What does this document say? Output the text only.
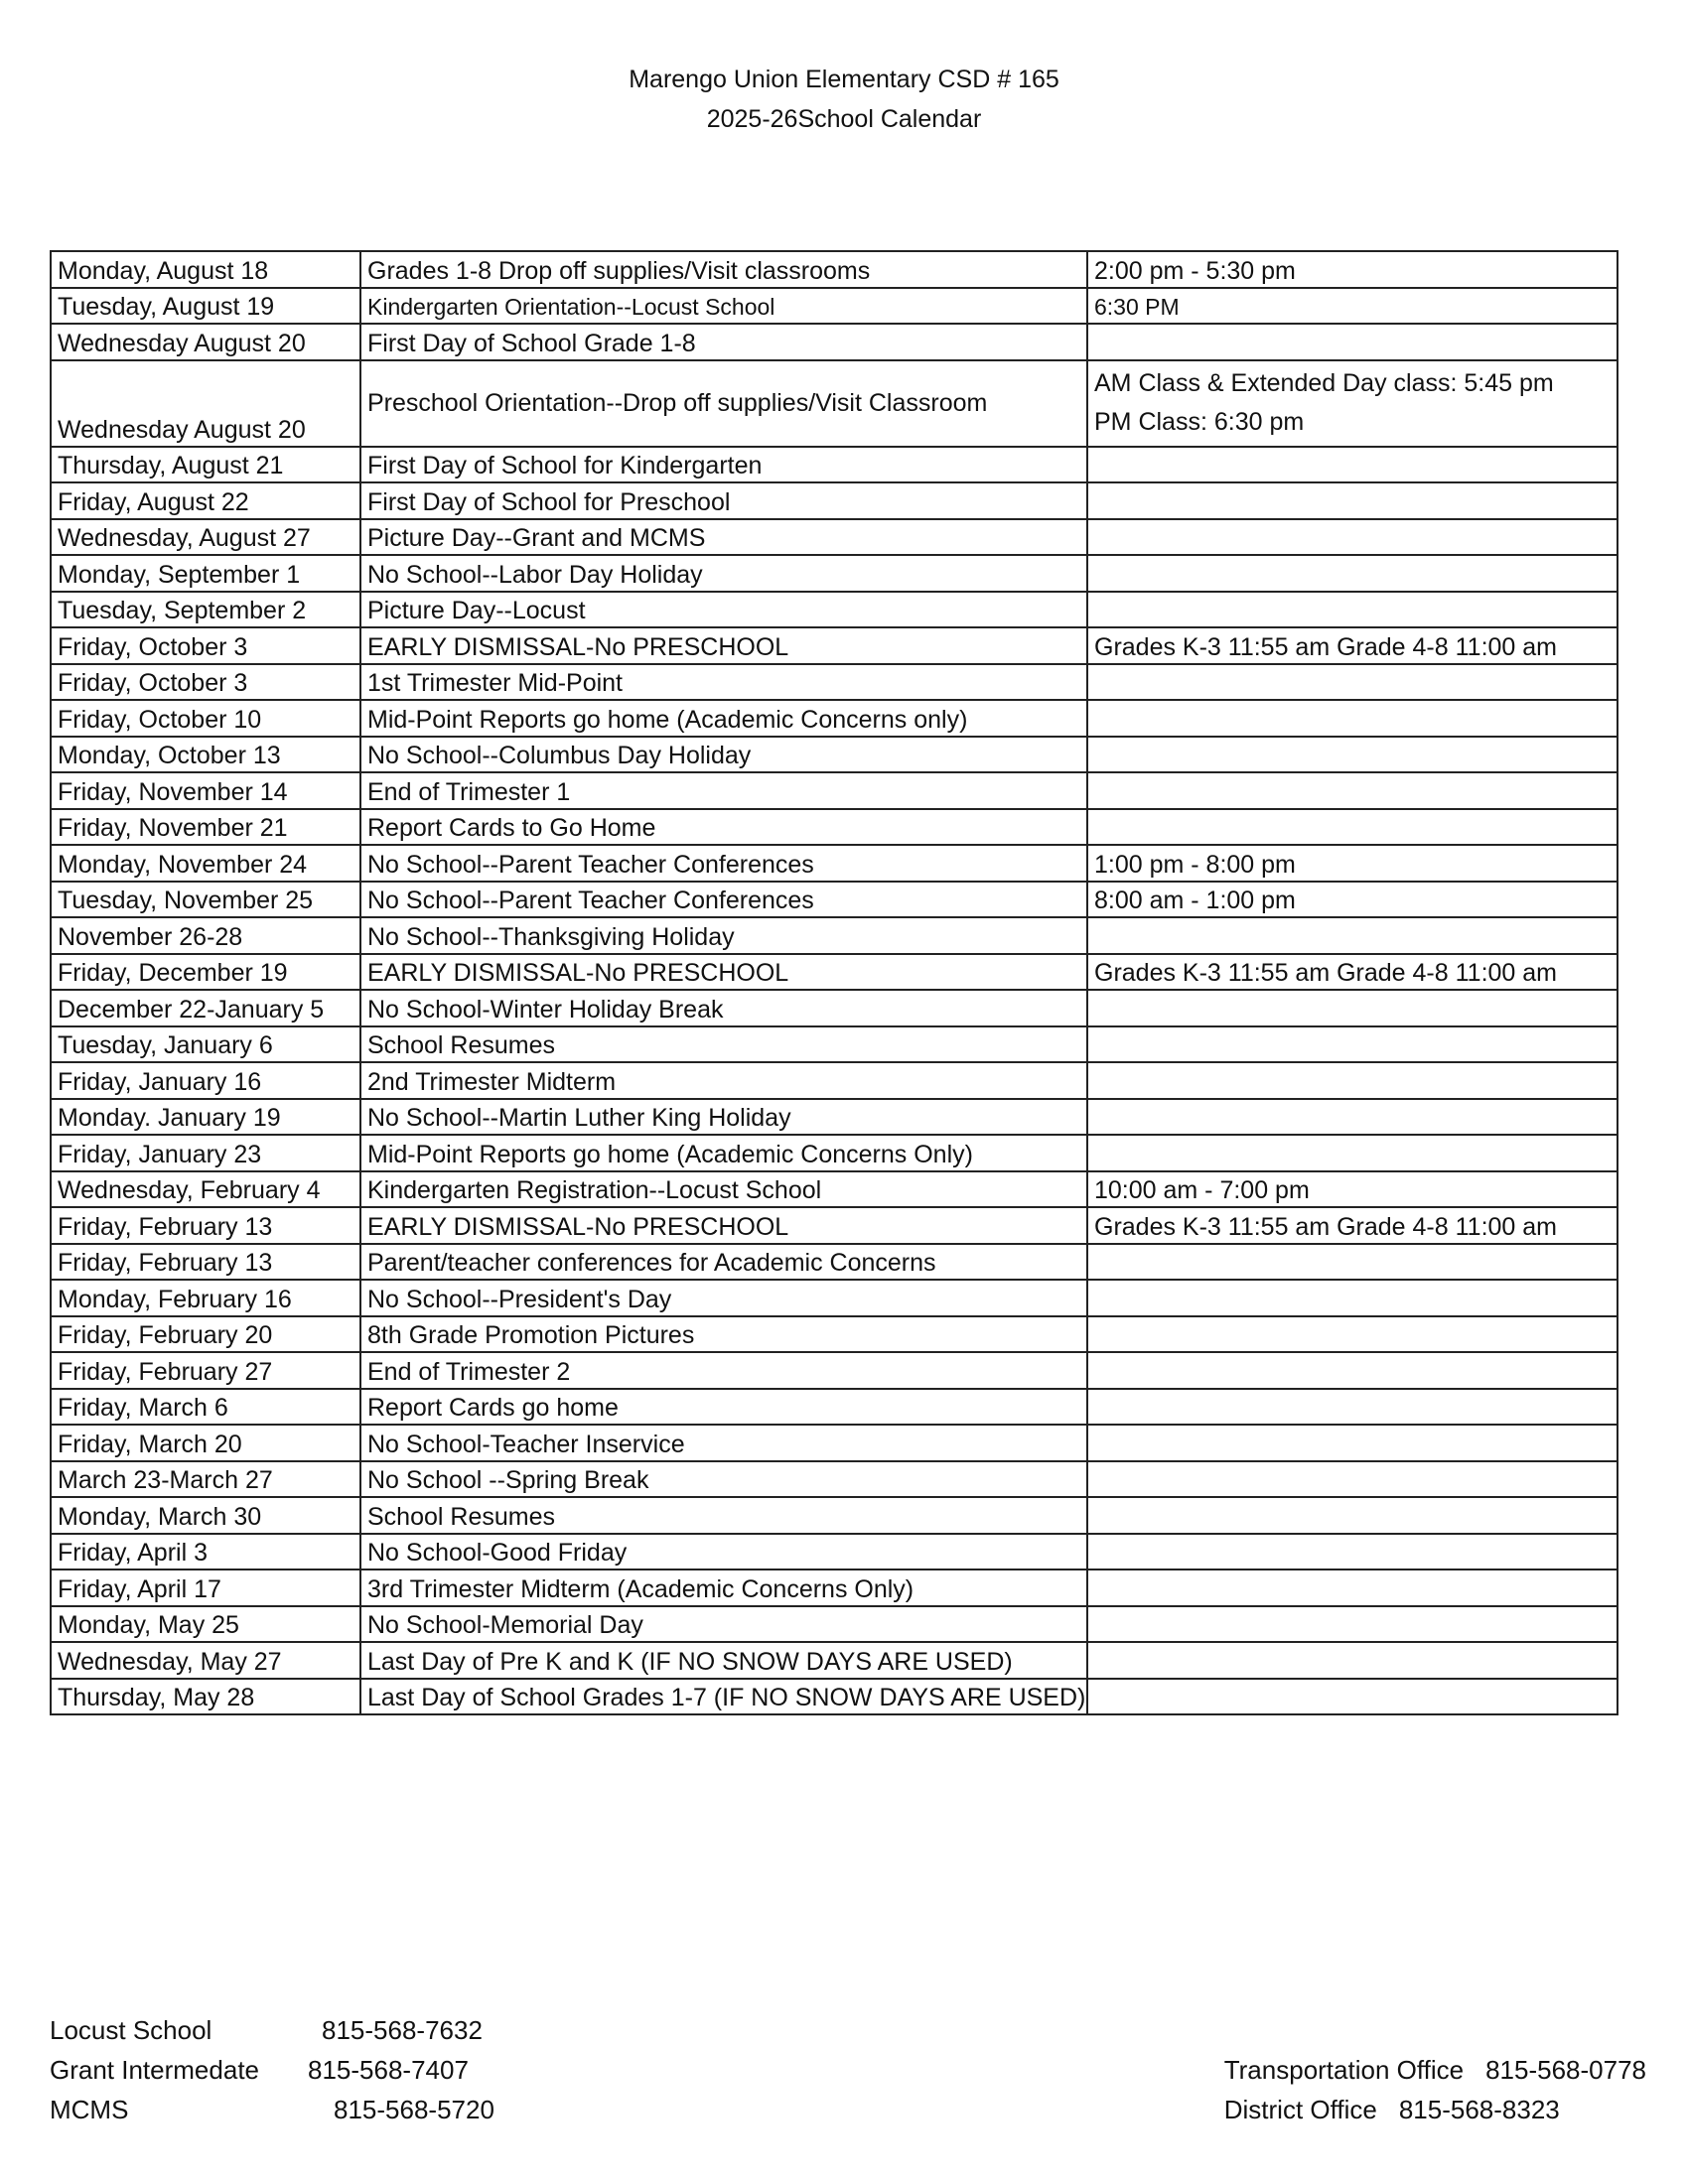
Marengo Union Elementary CSD # 165
2025-26School Calendar
Monday, August 18	Grades 1-8 Drop off supplies/Visit classrooms	2:00 pm - 5:30 pm

Tuesday, August 19	Kindergarten Orientation--Locust School	6:30 PM

Wednesday August 20	First Day of School Grade 1-8	
Wednesday August 20	Preschool Orientation--Drop off supplies/Visit Classroom	AM Class & Extended Day class: 5:45 pm
PM Class: 6:30 pm

Thursday, August 21	First Day of School for Kindergarten	
Friday, August 22	First Day of School for Preschool	
Wednesday, August 27	Picture Day--Grant and MCMS	
Monday, September 1	No School--Labor Day Holiday	
Tuesday, September 2	Picture Day--Locust	
Friday, October 3	EARLY DISMISSAL-No PRESCHOOL	Grades K-3 11:55 am Grade 4-8 11:00 am

Friday, October 3	1st Trimester Mid-Point	
Friday, October 10	Mid-Point Reports go home (Academic Concerns only)	
Monday, October 13	No School--Columbus Day Holiday	
Friday, November 14	End of Trimester 1	
Friday, November 21	Report Cards to Go Home	
Monday, November 24	No School--Parent Teacher Conferences	1:00 pm - 8:00 pm

Tuesday, November 25	No School--Parent Teacher Conferences	8:00 am - 1:00 pm

November 26-28	No School--Thanksgiving Holiday	
Friday, December 19	EARLY DISMISSAL-No PRESCHOOL	Grades K-3 11:55 am Grade 4-8 11:00 am

December 22-January 5	No School-Winter Holiday Break	
Tuesday, January 6	School Resumes	
Friday, January 16	2nd Trimester Midterm	
Monday. January 19	No School--Martin Luther King Holiday	
Friday, January 23	Mid-Point Reports go home (Academic Concerns Only)	
Wednesday, February 4	Kindergarten Registration--Locust School	10:00 am - 7:00 pm

Friday, February 13	EARLY DISMISSAL-No PRESCHOOL	Grades K-3 11:55 am Grade 4-8 11:00 am

Friday, February 13	Parent/teacher conferences for Academic Concerns	
Monday, February 16	No School--President's Day	
Friday, February 20	8th Grade Promotion Pictures	
Friday, February 27	End of Trimester 2	
Friday, March 6	Report Cards go home	
Friday, March 20	No School-Teacher Inservice	
March 23-March 27	No School --Spring Break	
Monday, March 30	School Resumes	
Friday, April 3	No School-Good Friday	
Friday, April 17	3rd Trimester Midterm (Academic Concerns Only)	
Monday, May 25	No School-Memorial Day	
Wednesday, May 27	Last Day of Pre K and K (IF NO SNOW DAYS ARE USED)	
Thursday, May 28	Last Day of School Grades 1-7 (IF NO SNOW DAYS ARE USED)	
Locust School	815-568-7632
Grant Intermedate	815-568-7407
MCMS	815-568-5720
Transportation Office 815-568-0778
District Office 815-568-8323
